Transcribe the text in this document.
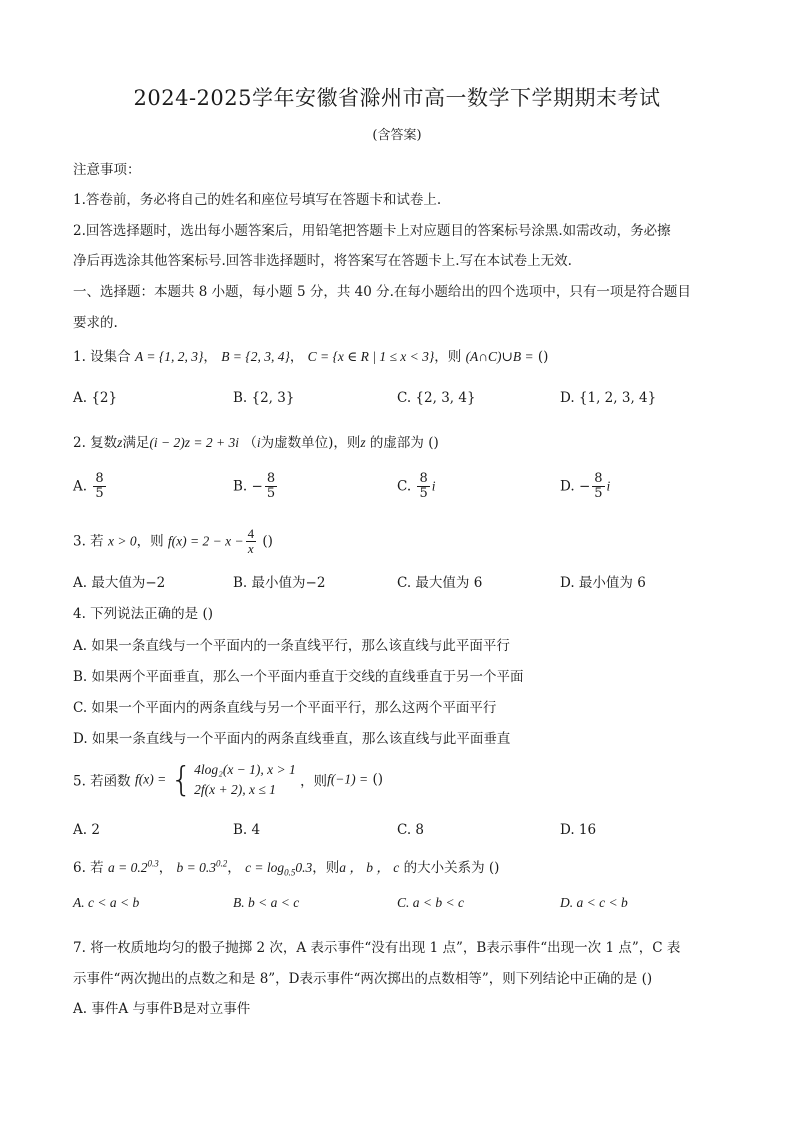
2024-2025学年安徽省滁州市高一数学下学期期末考试
(含答案)
注意事项：
1.答卷前，务必将自己的姓名和座位号填写在答题卡和试卷上.
2.回答选择题时，选出每小题答案后，用铅笔把答题卡上对应题目的答案标号涂黑.如需改动，务必擦
净后再选涂其他答案标号.回答非选择题时，将答案写在答题卡上.写在本试卷上无效.
一、选择题：本题共 8 小题，每小题 5 分，共 40 分.在每小题给出的四个选项中，只有一项是符合题目
要求的.
1. 设集合 A = {1, 2, 3}， B = {2, 3, 4}， C = {x ∈ R | 1 ≤ x < 3}，则 (A∩C)∪B = ()
A. {2}	B. {2, 3}	C. {2, 3, 4}	D. {1, 2, 3, 4}
2. 复数z满足(i − 2)z = 2 + 3i （i为虚数单位)，则z 的虚部为 ()
A. $\frac{8}{5}$	B. − $\frac{8}{5}$	C. $\frac{8}{5}$ i	D. − $\frac{8}{5}$ i
3. 若 x > 0，则 $f(x) = 2 - x - \frac{4}{x}$ ()
A. 最大值为−2	B. 最小值为−2	C. 最大值为 6	D. 最小值为 6
4. 下列说法正确的是 ()
A. 如果一条直线与一个平面内的一条直线平行，那么该直线与此平面平行
B. 如果两个平面垂直，那么一个平面内垂直于交线的直线垂直于另一个平面
C. 如果一个平面内的两条直线与另一个平面平行，那么这两个平面平行
D. 如果一条直线与一个平面内的两条直线垂直，那么该直线与此平面垂直
5. 若函数 f(x) = { 4log₂(x − 1), x > 1
2f(x + 2), x ≤ 1	，则f(−1) = ()
A. 2	B. 4	C. 8	D. 16
6. 若 $a = 0.2^{0.3}$， $b = 0.3^{0.2}$， $c = \log_{0.5}0.3$，则a ， b ， c 的大小关系为 ()
A. c < a < b	B. b < a < c	C. a < b < c	D. a < c < b
7. 将一枚质地均匀的骰子抛掷 2 次，A 表示事件“没有出现 1 点”，B表示事件“出现一次 1 点”，C 表
示事件“两次抛出的点数之和是 8”，D表示事件“两次掷出的点数相等”，则下列结论中正确的是 ()
A. 事件A 与事件B是对立事件
